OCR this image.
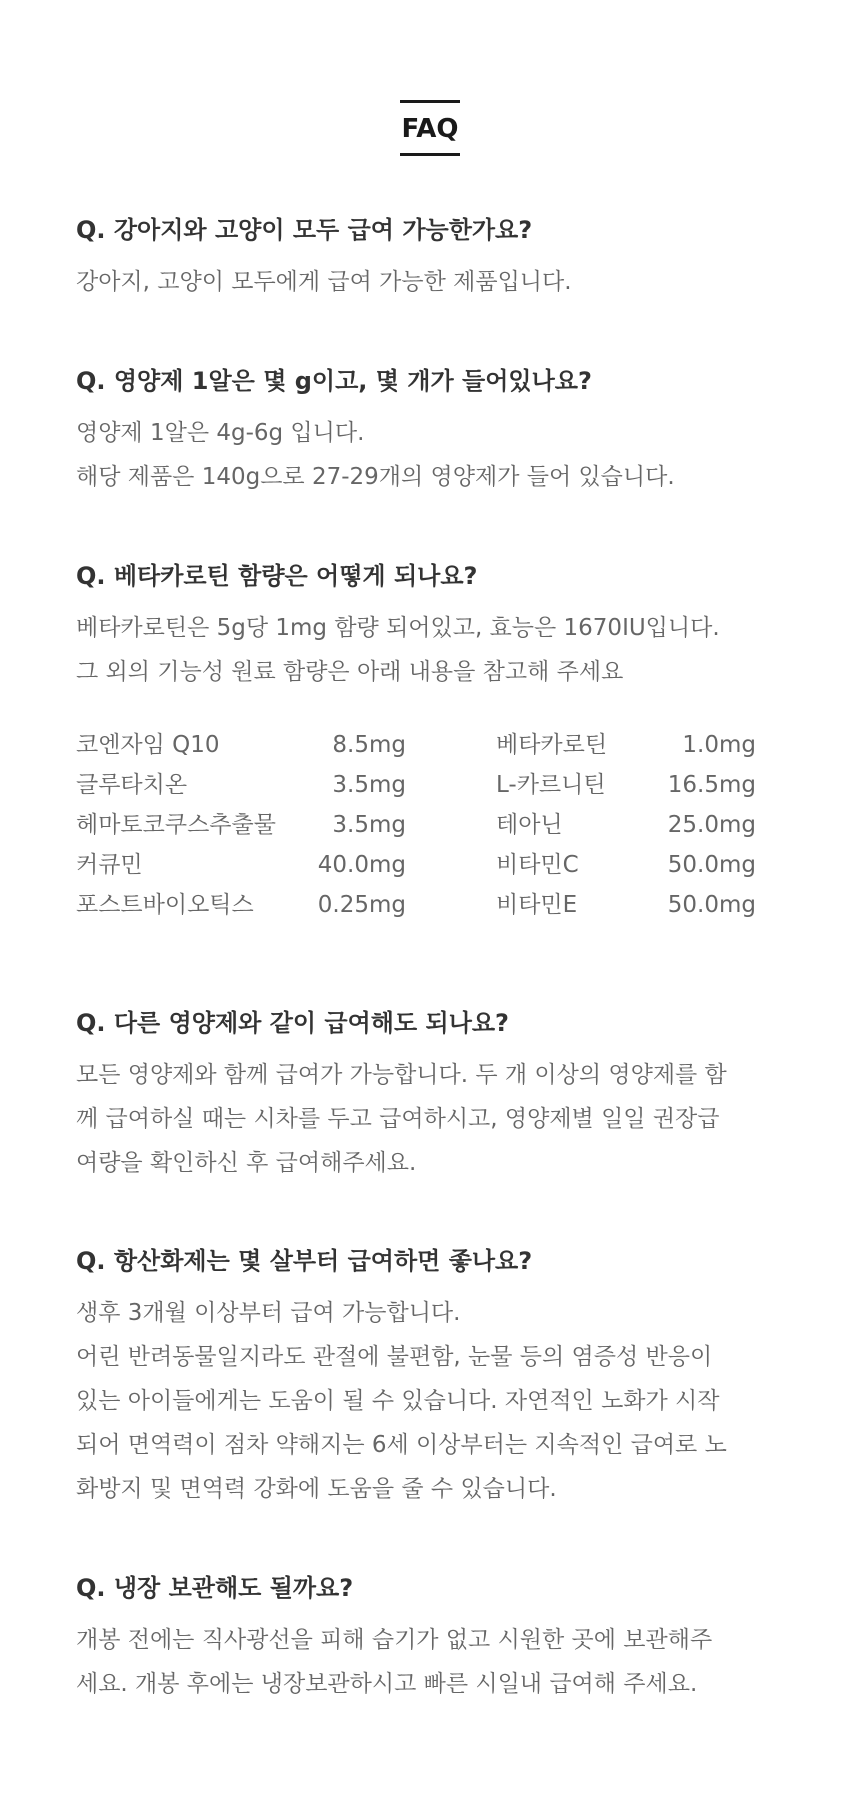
FAQ

Q. 강아지와 고양이 모두 급여 가능한가요?

강아지, 고양이 모두에게 급여 가능한 제품입니다.

Q. 영양제 1알은 몇 g이고, 몇 개가 들어있나요?

영양제 1알은 4g-6g 입니다.
해당 제품은 140g으로 27-29개의 영양제가 들어 있습니다.

Q. 베타카로틴 함량은 어떻게 되나요?

베타카로틴은 5g당 1mg 함량 되어있고, 효능은 1670IU입니다.
그 외의 기능성 원료 함량은 아래 내용을 참고해 주세요
코엔자임 Q10	8.5mg	베타카로틴	1.0mg
글루타치온	3.5mg	L-카르니틴	16.5mg
헤마토코쿠스추출물 3.5mg	테아닌	25.0mg
커큐민	40.0mg	비타민C	50.0mg
포스트바이오틱스	0.25mg	비타민E	50.0mg

Q. 다른 영양제와 같이 급여해도 되나요?

모든 영양제와 함께 급여가 가능합니다. 두 개 이상의 영양제를 함
께 급여하실 때는 시차를 두고 급여하시고, 영양제별 일일 권장급
여량을 확인하신 후 급여해주세요.

Q. 항산화제는 몇 살부터 급여하면 좋나요?

생후 3개월 이상부터 급여 가능합니다.
어린 반려동물일지라도 관절에 불편함, 눈물 등의 염증성 반응이
있는 아이들에게는 도움이 될 수 있습니다. 자연적인 노화가 시작
되어 면역력이 점차 약해지는 6세 이상부터는 지속적인 급여로 노
화방지 및 면역력 강화에 도움을 줄 수 있습니다.

Q. 냉장 보관해도 될까요?

개봉 전에는 직사광선을 피해 습기가 없고 시원한 곳에 보관해주
세요. 개봉 후에는 냉장보관하시고 빠른 시일내 급여해 주세요.
